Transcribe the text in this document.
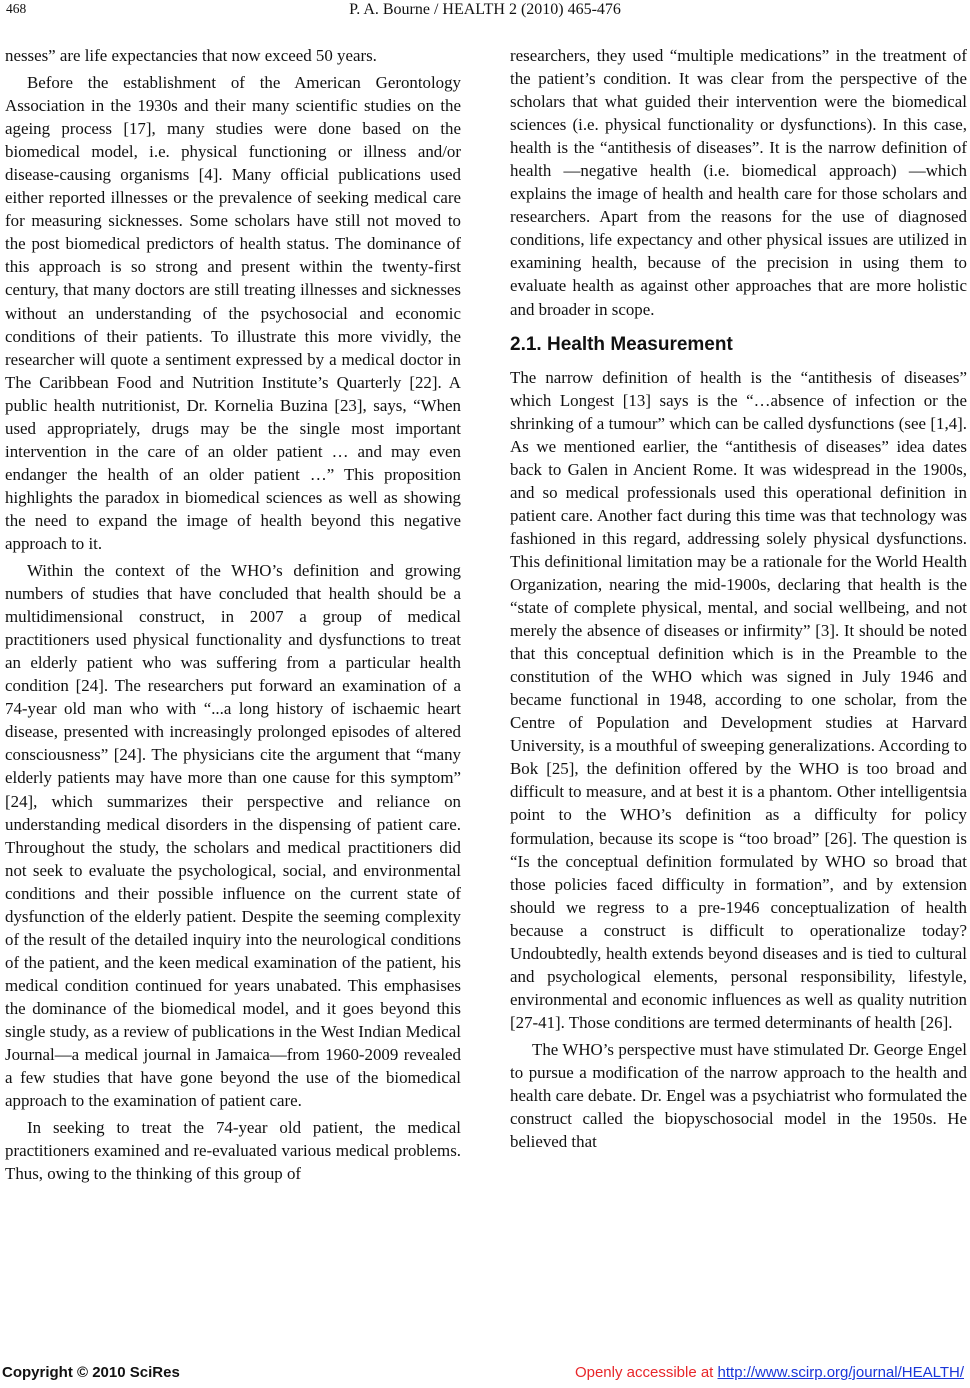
468	P. A. Bourne / HEALTH 2 (2010) 465-476

nesses” are life expectancies that now exceed 50 years.

Before the establishment of the American Gerontology Association in the 1930s and their many scientific studies on the ageing process [17], many studies were done based on the biomedical model, i.e. physical functioning or illness and/or disease-causing organisms [4]. Many official publications used either reported illnesses or the prevalence of seeking medical care for measuring sicknesses. Some scholars have still not moved to the post biomedical predictors of health status. The dominance of this approach is so strong and present within the twenty-first century, that many doctors are still treating illnesses and sicknesses without an understanding of the psychosocial and economic conditions of their patients. To illustrate this more vividly, the researcher will quote a sentiment expressed by a medical doctor in The Caribbean Food and Nutrition Institute’s Quarterly [22]. A public health nutritionist, Dr. Kornelia Buzina [23], says, “When used appropriately, drugs may be the single most important intervention in the care of an older patient … and may even endanger the health of an older patient …” This proposition highlights the paradox in biomedical sciences as well as showing the need to expand the image of health beyond this negative approach to it.

Within the context of the WHO’s definition and growing numbers of studies that have concluded that health should be a multidimensional construct, in 2007 a group of medical practitioners used physical functionality and dysfunctions to treat an elderly patient who was suffering from a particular health condition [24]. The researchers put forward an examination of a 74-year old man who with “...a long history of ischaemic heart disease, presented with increasingly prolonged episodes of altered consciousness” [24]. The physicians cite the argument that “many elderly patients may have more than one cause for this symptom” [24], which summarizes their perspective and reliance on understanding medical disorders in the dispensing of patient care. Throughout the study, the scholars and medical practitioners did not seek to evaluate the psychological, social, and environmental conditions and their possible influence on the current state of dysfunction of the elderly patient. Despite the seeming complexity of the result of the detailed inquiry into the neurological conditions of the patient, and the keen medical examination of the patient, his medical condition continued for years unabated. This emphasises the dominance of the biomedical model, and it goes beyond this single study, as a review of publications in the West Indian Medical Journal—a medical journal in Jamaica—from 1960-2009 revealed a few studies that have gone beyond the use of the biomedical approach to the examination of patient care.

In seeking to treat the 74-year old patient, the medical practitioners examined and re-evaluated various medical problems. Thus, owing to the thinking of this group of

researchers, they used “multiple medications” in the treatment of the patient’s condition. It was clear from the perspective of the scholars that what guided their intervention were the biomedical sciences (i.e. physical functionality or dysfunctions). In this case, health is the “antithesis of diseases”. It is the narrow definition of health —negative health (i.e. biomedical approach) —which explains the image of health and health care for those scholars and researchers. Apart from the reasons for the use of diagnosed conditions, life expectancy and other physical issues are utilized in examining health, because of the precision in using them to evaluate health as against other approaches that are more holistic and broader in scope.

2.1. Health Measurement

The narrow definition of health is the “antithesis of diseases” which Longest [13] says is the “…absence of infection or the shrinking of a tumour” which can be called dysfunctions (see [1,4]. As we mentioned earlier, the “antithesis of diseases” idea dates back to Galen in Ancient Rome. It was widespread in the 1900s, and so medical professionals used this operational definition in patient care. Another fact during this time was that technology was fashioned in this regard, addressing solely physical dysfunctions. This definitional limitation may be a rationale for the World Health Organization, nearing the mid-1900s, declaring that health is the “state of complete physical, mental, and social wellbeing, and not merely the absence of diseases or infirmity” [3]. It should be noted that this conceptual definition which is in the Preamble to the constitution of the WHO which was signed in July 1946 and became functional in 1948, according to one scholar, from the Centre of Population and Development studies at Harvard University, is a mouthful of sweeping generalizations. According to Bok [25], the definition offered by the WHO is too broad and difficult to measure, and at best it is a phantom. Other intelligentsia point to the WHO’s definition as a difficulty for policy formulation, because its scope is “too broad” [26]. The question is “Is the conceptual definition formulated by WHO so broad that those policies faced difficulty in formation”, and by extension should we regress to a pre-1946 conceptualization of health because a construct is difficult to operationalize today? Undoubtedly, health extends beyond diseases and is tied to cultural and psychological elements, personal responsibility, lifestyle, environmental and economic influences as well as quality nutrition [27-41]. Those conditions are termed determinants of health [26].

The WHO’s perspective must have stimulated Dr. George Engel to pursue a modification of the narrow approach to the health and health care debate. Dr. Engel was a psychiatrist who formulated the construct called the biopyschosocial model in the 1950s. He believed that

Copyright © 2010 SciRes	Openly accessible at http://www.scirp.org/journal/HEALTH/
